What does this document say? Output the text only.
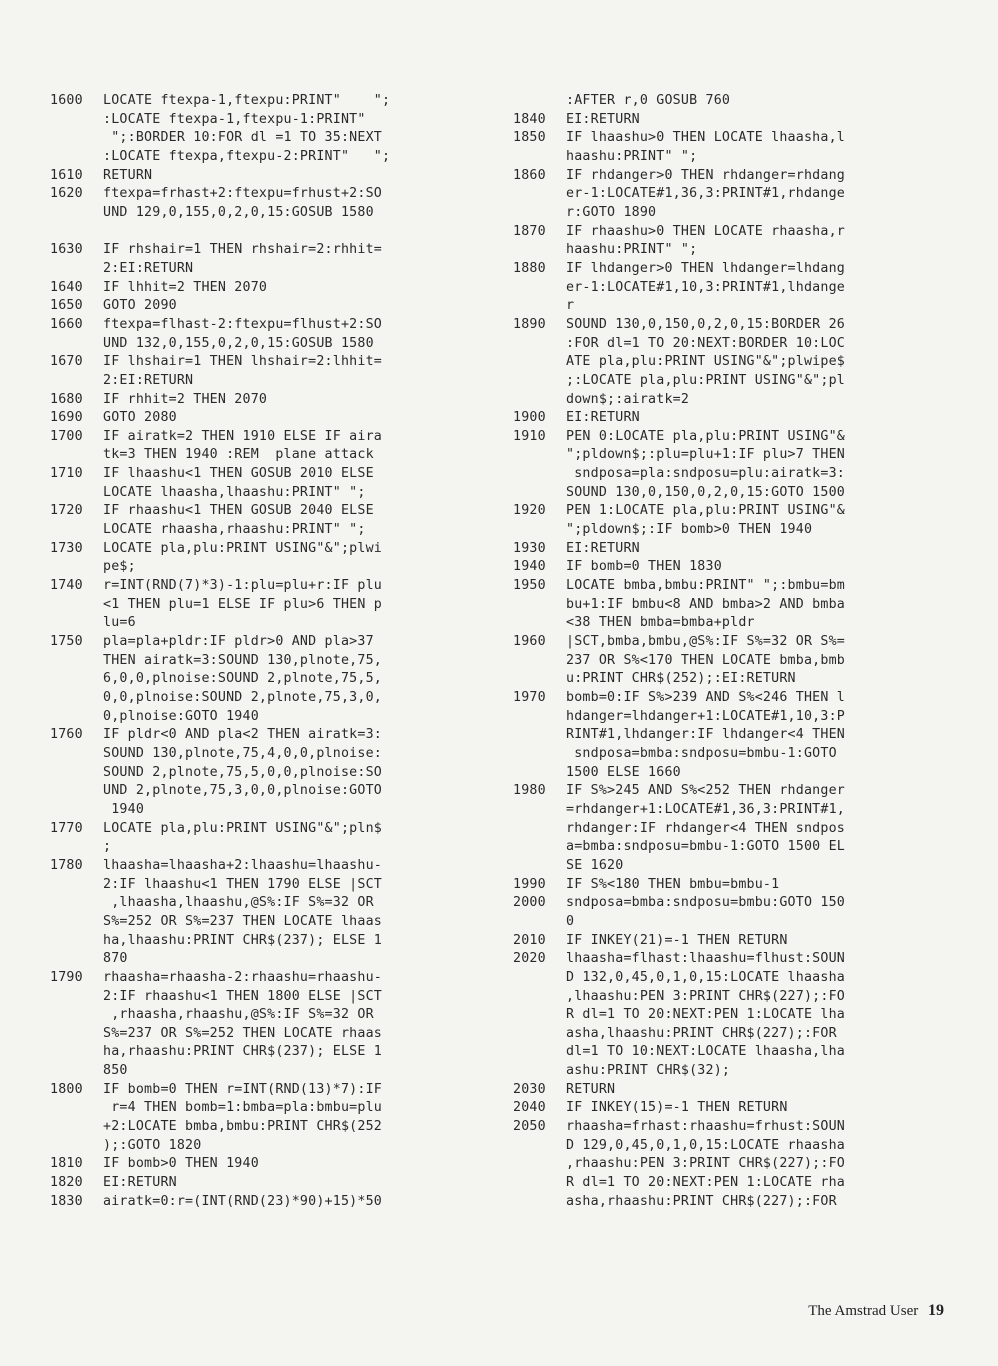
1600 LOCATE ftexpa-1,ftexpu:PRINT"    ";
:LOCATE ftexpa-1,ftexpu-1:PRINT"
";:BORDER 10:FOR dl =1 TO 35:NEXT
:LOCATE ftexpa,ftexpu-2:PRINT"   ";
1610 RETURN
1620 ftexpa=frhast+2:ftexpu=frhust+2:SO
UND 129,0,155,0,2,0,15:GOSUB 1580
1630 IF rhshair=1 THEN rhshair=2:rhhit=
2:EI:RETURN
1640 IF lhhit=2 THEN 2070
1650 GOTO 2090
1660 ftexpa=flhast-2:ftexpu=flhust+2:SO
UND 132,0,155,0,2,0,15:GOSUB 1580
1670 IF lhshair=1 THEN lhshair=2:lhhit=
2:EI:RETURN
1680 IF rhhit=2 THEN 2070
1690 GOTO 2080
1700 IF airatk=2 THEN 1910 ELSE IF aira
tk=3 THEN 1940 :REM  plane attack
1710 IF lhaashu<1 THEN GOSUB 2010 ELSE
LOCATE lhaasha,lhaashu:PRINT" ";
1720 IF rhaashu<1 THEN GOSUB 2040 ELSE
LOCATE rhaasha,rhaashu:PRINT" ";
1730 LOCATE pla,plu:PRINT USING"&";plwi
pe$;
1740 r=INT(RND(7)*3)-1:plu=plu+r:IF plu
<1 THEN plu=1 ELSE IF plu>6 THEN p
lu=6
1750 pla=pla+pldr:IF pldr>0 AND pla>37
THEN airatk=3:SOUND 130,plnote,75,
6,0,0,plnoise:SOUND 2,plnote,75,5,
0,0,plnoise:SOUND 2,plnote,75,3,0,
0,plnoise:GOTO 1940
1760 IF pldr<0 AND pla<2 THEN airatk=3:
SOUND 130,plnote,75,4,0,0,plnoise:
SOUND 2,plnote,75,5,0,0,plnoise:SO
UND 2,plnote,75,3,0,0,plnoise:GOTO
1940
1770 LOCATE pla,plu:PRINT USING"&";pln$
;
1780 lhaasha=lhaasha+2:lhaashu=lhaashu-
2:IF lhaashu<1 THEN 1790 ELSE |SCT
,lhaasha,lhaashu,@S%:IF S%=32 OR
S%=252 OR S%=237 THEN LOCATE lhaas
ha,lhaashu:PRINT CHR$(237); ELSE 1
870
1790 rhaasha=rhaasha-2:rhaashu=rhaashu-
2:IF rhaashu<1 THEN 1800 ELSE |SCT
,rhaasha,rhaashu,@S%:IF S%=32 OR
S%=237 OR S%=252 THEN LOCATE rhaas
ha,rhaashu:PRINT CHR$(237); ELSE 1
850
1800 IF bomb=0 THEN r=INT(RND(13)*7):IF
r=4 THEN bomb=1:bmba=pla:bmbu=plu
+2:LOCATE bmba,bmbu:PRINT CHR$(252
);:GOTO 1820
1810 IF bomb>0 THEN 1940
1820 EI:RETURN
1830 airatk=0:r=(INT(RND(23)*90)+15)*50
:AFTER r,0 GOSUB 760
1840 EI:RETURN
1850 IF lhaashu>0 THEN LOCATE lhaasha,l
haashu:PRINT" ";
1860 IF rhdanger>0 THEN rhdanger=rhdang
er-1:LOCATE#1,36,3:PRINT#1,rhdange
r:GOTO 1890
1870 IF rhaashu>0 THEN LOCATE rhaasha,r
haashu:PRINT" ";
1880 IF lhdanger>0 THEN lhdanger=lhdang
er-1:LOCATE#1,10,3:PRINT#1,lhdange
r
1890 SOUND 130,0,150,0,2,0,15:BORDER 26
:FOR dl=1 TO 20:NEXT:BORDER 10:LOC
ATE pla,plu:PRINT USING"&";plwipe$
;:LOCATE pla,plu:PRINT USING"&";pl
down$;:airatk=2
1900 EI:RETURN
1910 PEN 0:LOCATE pla,plu:PRINT USING"&
";pldown$;:plu=plu+1:IF plu>7 THEN
sndposa=pla:sndposu=plu:airatk=3:
SOUND 130,0,150,0,2,0,15:GOTO 1500
1920 PEN 1:LOCATE pla,plu:PRINT USING"&
";pldown$;:IF bomb>0 THEN 1940
1930 EI:RETURN
1940 IF bomb=0 THEN 1830
1950 LOCATE bmba,bmbu:PRINT" ";:bmbu=bm
bu+1:IF bmbu<8 AND bmba>2 AND bmba
<38 THEN bmba=bmba+pldr
1960 |SCT,bmba,bmbu,@S%:IF S%=32 OR S%=
237 OR S%<170 THEN LOCATE bmba,bmb
u:PRINT CHR$(252);:EI:RETURN
1970 bomb=0:IF S%>239 AND S%<246 THEN l
hdanger=lhdanger+1:LOCATE#1,10,3:P
RINT#1,lhdanger:IF lhdanger<4 THEN
sndposa=bmba:sndposu=bmbu-1:GOTO
1500 ELSE 1660
1980 IF S%>245 AND S%<252 THEN rhdanger
=rhdanger+1:LOCATE#1,36,3:PRINT#1,
rhdanger:IF rhdanger<4 THEN sndpos
a=bmba:sndposu=bmbu-1:GOTO 1500 EL
SE 1620
1990 IF S%<180 THEN bmbu=bmbu-1
2000 sndposa=bmba:sndposu=bmbu:GOTO 150
0
2010 IF INKEY(21)=-1 THEN RETURN
2020 lhaasha=flhast:lhaashu=flhust:SOUN
D 132,0,45,0,1,0,15:LOCATE lhaasha
,lhaashu:PEN 3:PRINT CHR$(227);:FO
R dl=1 TO 20:NEXT:PEN 1:LOCATE lha
asha,lhaashu:PRINT CHR$(227);:FOR
dl=1 TO 10:NEXT:LOCATE lhaasha,lha
ashu:PRINT CHR$(32);
2030 RETURN
2040 IF INKEY(15)=-1 THEN RETURN
2050 rhaasha=frhast:rhaashu=frhust:SOUN
D 129,0,45,0,1,0,15:LOCATE rhaasha
,rhaashu:PEN 3:PRINT CHR$(227);:FO
R dl=1 TO 20:NEXT:PEN 1:LOCATE rha
asha,rhaashu:PRINT CHR$(227);:FOR
The Amstrad User 19
